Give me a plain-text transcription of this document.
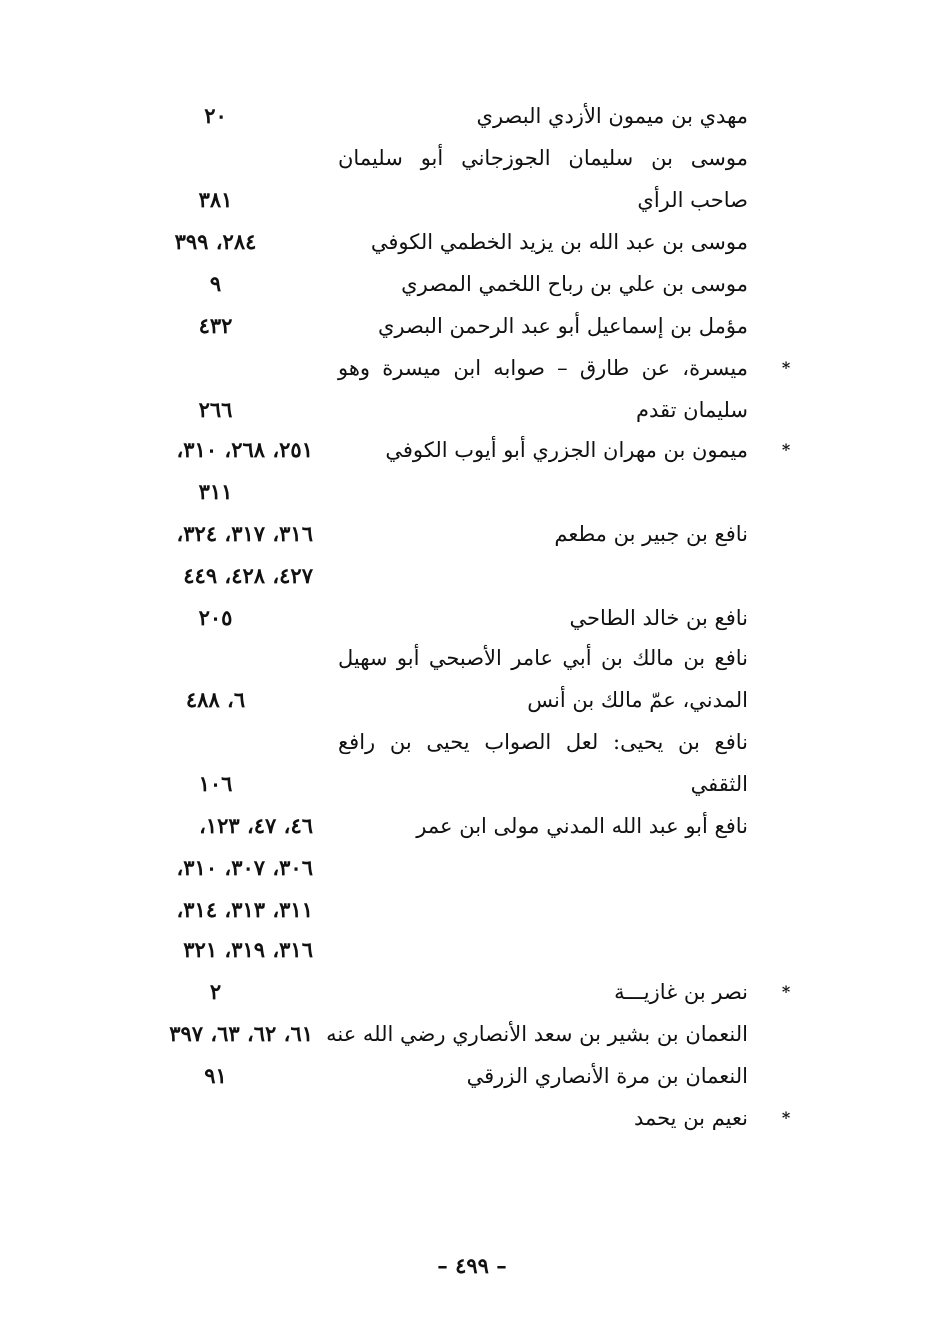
مهدي بن ميمون الأزدي البصري
٢٠
موسى بن سليمان الجوزجاني أبو سليمان
صاحب الرأي
٣٨١
موسى بن عبد الله بن يزيد الخطمي الكوفي
٢٨٤، ٣٩٩
موسى بن علي بن رباح اللخمي المصري
٩
مؤمل بن إسماعيل أبو عبد الرحمن البصري
٤٣٢
*
ميسرة، عن طارق – صوابه ابن ميسرة وهو
سليمان تقدم
٢٦٦
*
ميمون بن مهران الجزري أبو أيوب الكوفي
٢٥١، ٢٦٨، ٣١٠،
٣١١
نافع بن جبير بن مطعم
٣١٦، ٣١٧، ٣٢٤،
٤٢٧، ٤٢٨، ٤٤٩
نافع بن خالد الطاحي
٢٠٥
نافع بن مالك بن أبي عامر الأصبحي أبو سهيل
المدني، عمّ مالك بن أنس
٦، ٤٨٨
نافع بن يحيى: لعل الصواب يحيى بن رافع
الثقفي
١٠٦
نافع أبو عبد الله المدني مولى ابن عمر
٤٦، ٤٧، ١٢٣،
٣٠٦، ٣٠٧، ٣١٠،
٣١١، ٣١٣، ٣١٤،
٣١٦، ٣١٩، ٣٢١
*
نصر بن غازيـــة
٢
النعمان بن بشير بن سعد الأنصاري رضي الله عنه
٦١، ٦٢، ٦٣، ٣٩٧
النعمان بن مرة الأنصاري الزرقي
٩١
*
نعيم بن يحمد
– ٤٩٩ –
